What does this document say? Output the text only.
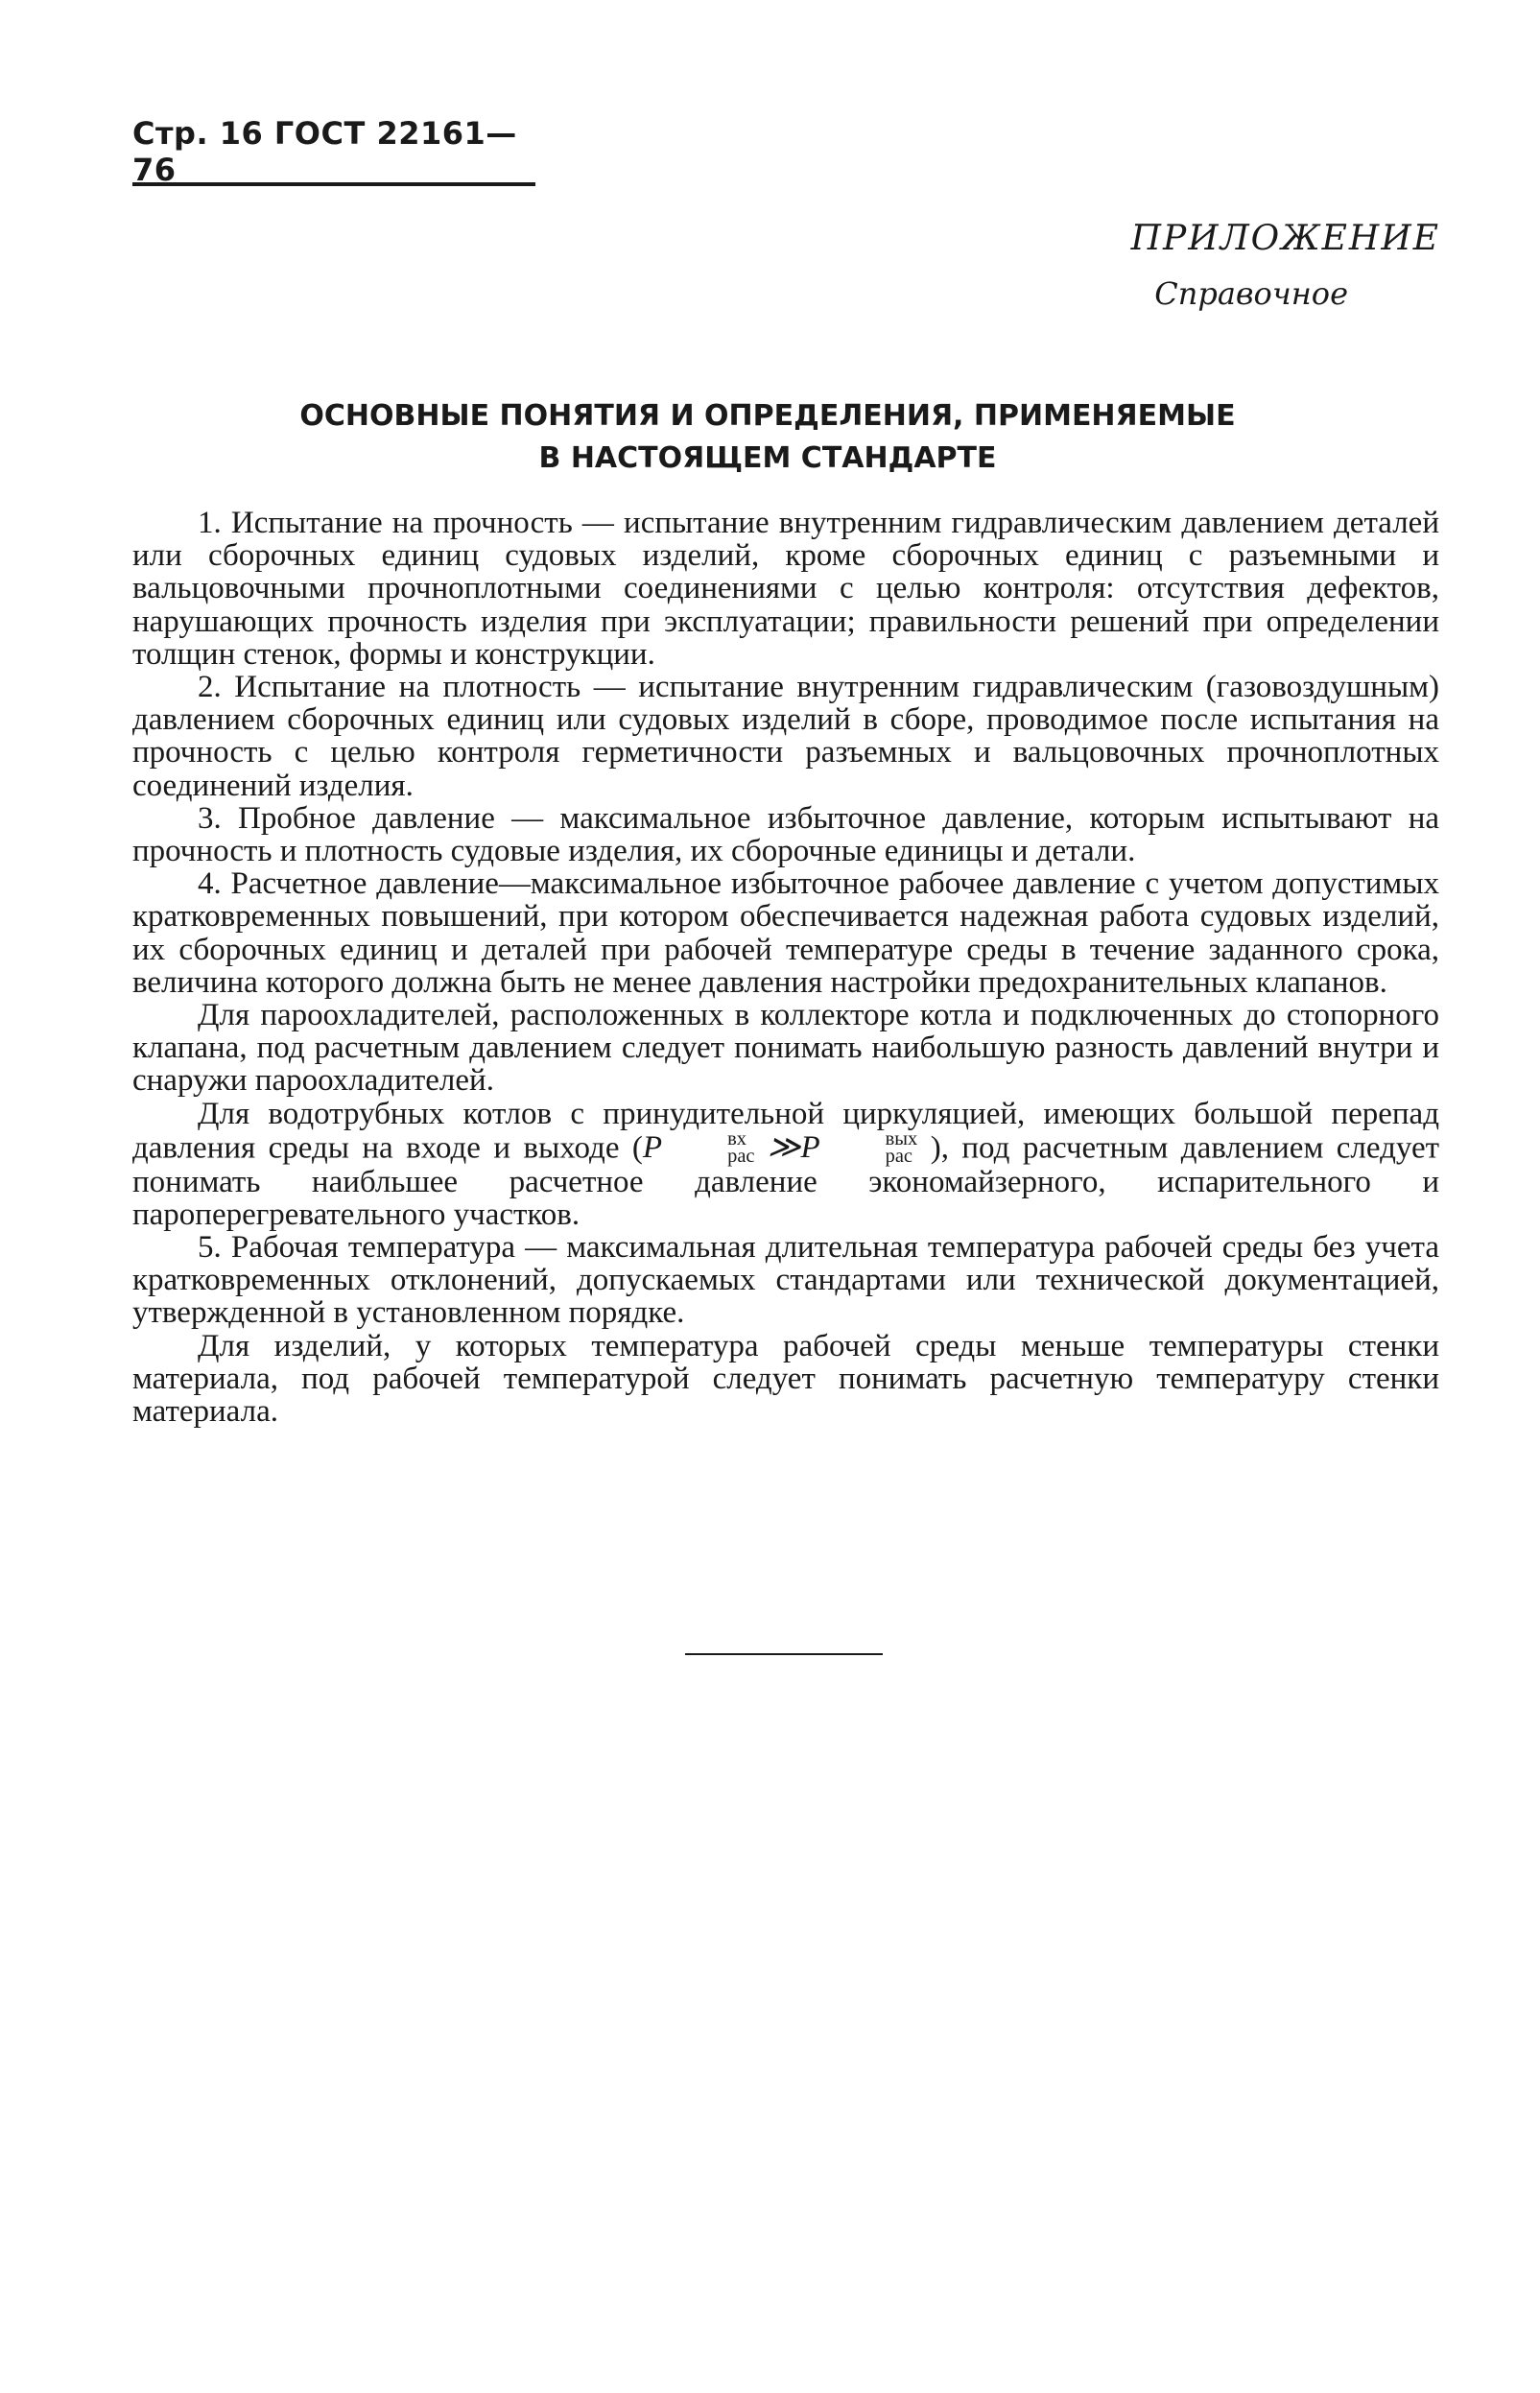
Стр. 16 ГОСТ 22161—76
ПРИЛОЖЕНИЕ
Справочное
ОСНОВНЫЕ ПОНЯТИЯ И ОПРЕДЕЛЕНИЯ, ПРИМЕНЯЕМЫЕ
В НАСТОЯЩЕМ СТАНДАРТЕ

1. Испытание на прочность — испытание внутренним гидравлическим давлением деталей или сборочных единиц судовых изделий, кроме сборочных единиц с разъемными и вальцовочными прочноплотными соединениями с целью контроля: отсутствия дефектов, нарушающих прочность изделия при эксплуатации; правильности решений при определении толщин стенок, формы и конструкции.

2. Испытание на плотность — испытание внутренним гидравлическим (газовоздушным) давлением сборочных единиц или судовых изделий в сборе, проводимое после испытания на прочность с целью контроля герметичности разъемных и вальцовочных прочноплотных соединений изделия.

3. Пробное давление — максимальное избыточное давление, которым испытывают на прочность и плотность судовые изделия, их сборочные единицы и детали.

4. Расчетное давление—максимальное избыточное рабочее давление с учетом допустимых кратковременных повышений, при котором обеспечивается надежная работа судовых изделий, их сборочных единиц и деталей при рабочей температуре среды в течение заданного срока, величина которого должна быть не менее давления настройки предохранительных клапанов.

Для пароохладителей, расположенных в коллекторе котла и подключенных до стопорного клапана, под расчетным давлением следует понимать наибольшую разность давлений внутри и снаружи пароохладителей.

Для водотрубных котлов с принудительной циркуляцией, имеющих большой перепад давления среды на входе и выходе (P	вх
рас ≫P	вых
рас ), под расчетным давлением следует понимать наибльшее расчетное давление экономайзерного, испарительного и пароперегревательного участков.

5. Рабочая температура — максимальная длительная температура рабочей среды без учета кратковременных отклонений, допускаемых стандартами или технической документацией, утвержденной в установленном порядке.

Для изделий, у которых температура рабочей среды меньше температуры стенки материала, под рабочей температурой следует понимать расчетную температуру стенки материала.
